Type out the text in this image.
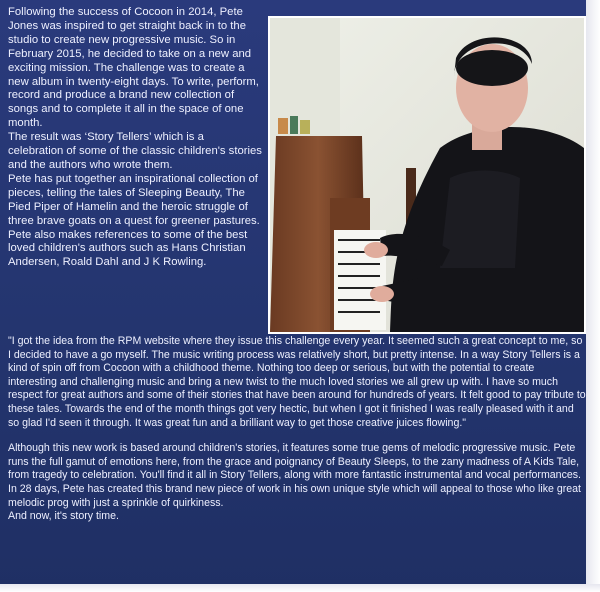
Following the success of Cocoon in 2014, Pete Jones was inspired to get straight back in to the studio to create new progressive music. So in February 2015, he decided to take on a new and exciting mission. The challenge was to create a new album in twenty-eight days. To write, perform, record and produce a brand new collection of songs and to complete it all in the space of one month.

The result was ‘Story Tellers’ which is a celebration of some of the classic children's stories and the authors who wrote them.

Pete has put together an inspirational collection of pieces, telling the tales of Sleeping Beauty, The Pied Piper of Hamelin and the heroic struggle of three brave goats on a quest for greener pastures. Pete also makes references to some of the best loved children's authors such as Hans Christian Andersen, Roald Dahl and J K Rowling.

"I got the idea from the RPM website where they issue this challenge every year. It seemed such a great concept to me, so I decided to have a go myself. The music writing process was relatively short, but pretty intense. In a way Story Tellers is a kind of spin off from Cocoon with a childhood theme. Nothing too deep or serious, but with the potential to create interesting and challenging music and bring a new twist to the much loved stories we all grew up with. I have so much respect for great authors and some of their stories that have been around for hundreds of years. It felt good to pay tribute to these tales. Towards the end of the month things got very hectic, but when I got it finished I was really pleased with it and so glad I'd seen it through. It was great fun and a brilliant way to get those creative juices flowing."

Although this new work is based around children's stories, it features some true gems of melodic progressive music. Pete runs the full gamut of emotions here, from the grace and poignancy of Beauty Sleeps, to the zany madness of A Kids Tale, from tragedy to celebration. You'll find it all in Story Tellers, along with more fantastic instrumental and vocal performances.

In 28 days, Pete has created this brand new piece of work in his own unique style which will appeal to those who like great melodic prog with just a sprinkle of quirkiness.

And now, it's story time.
